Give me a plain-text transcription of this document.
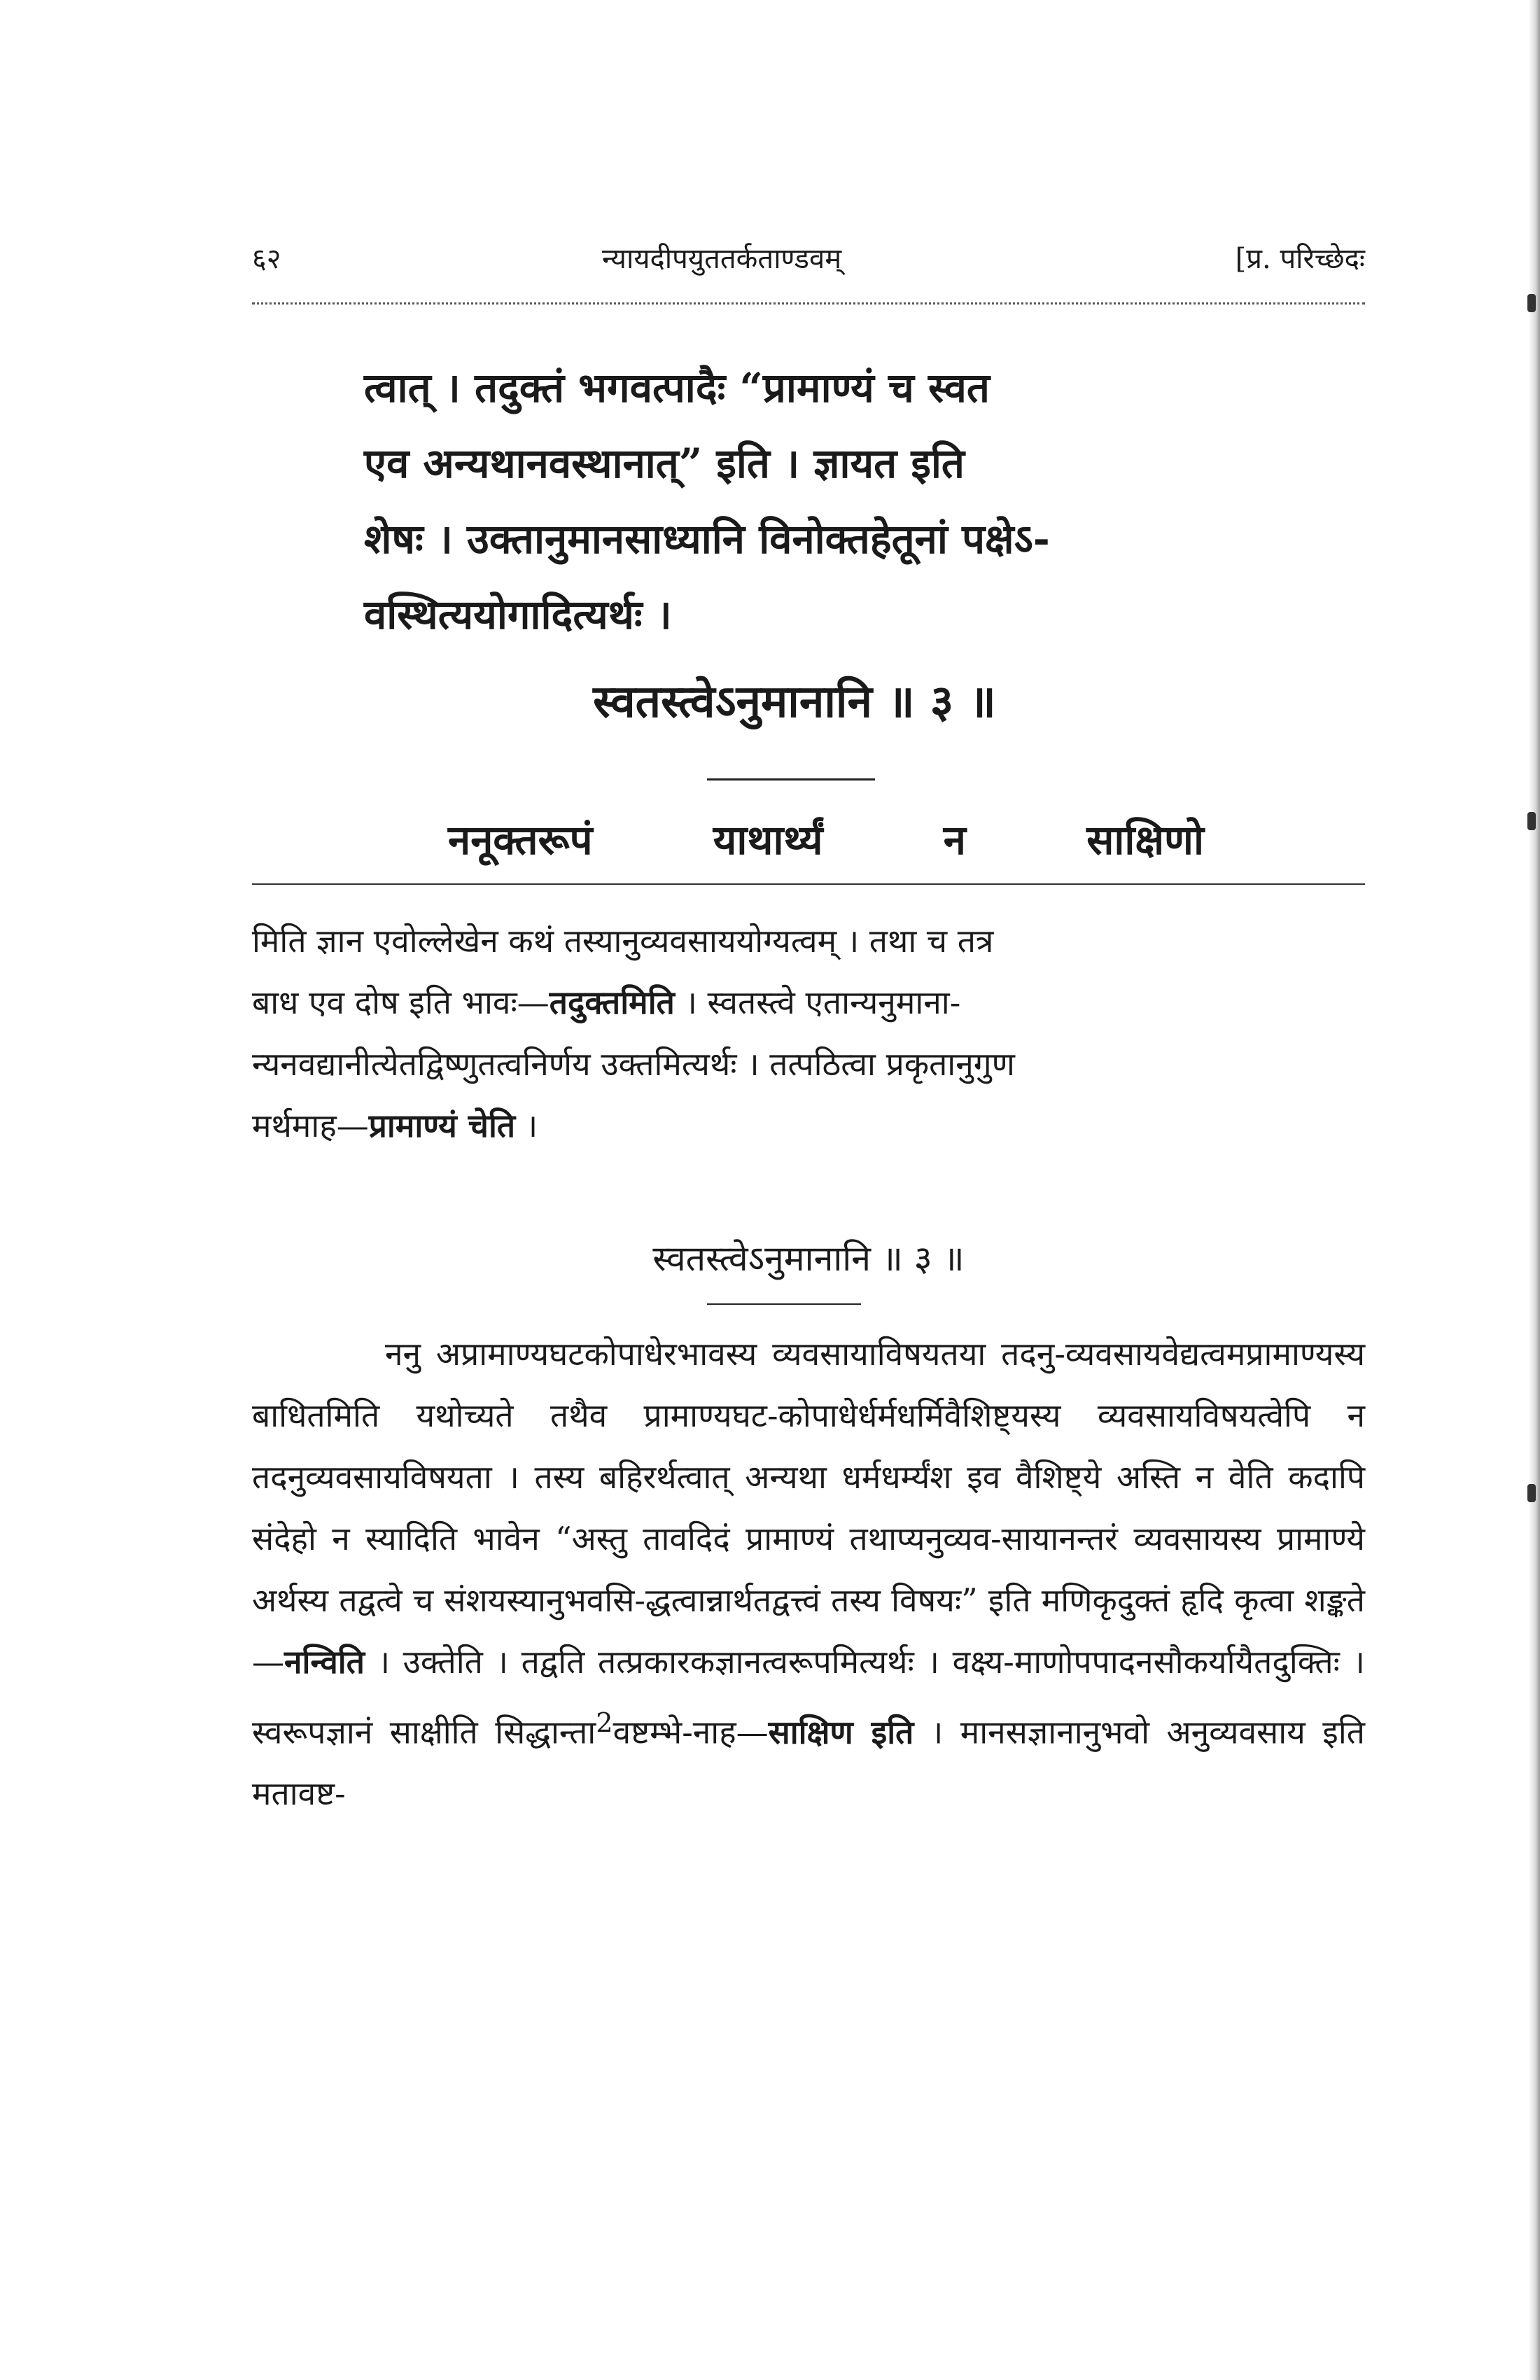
६२	न्यायदीपयुततर्कताण्डवम्	[प्र. परिच्छेदः
त्वात् । तदुक्तं भगवत्पादैः “प्रामाण्यं च स्वत
एव अन्यथानवस्थानात्” इति । ज्ञायत इति
शेषः । उक्तानुमानसाध्यानि विनोक्तहेतूनां पक्षेऽ-
वस्थित्ययोगादित्यर्थः ।
स्वतस्त्वेऽनुमानानि ॥ ३ ॥
ननूक्तरूपं	याथार्थ्यं	न	साक्षिणो
मिति ज्ञान एवोल्लेखेन कथं तस्यानुव्यवसाययोग्यत्वम् । तथा च तत्र
बाध एव दोष इति भावः—तदुक्तमिति । स्वतस्त्वे एतान्यनुमाना-
न्यनवद्यानीत्येतद्विष्णुतत्वनिर्णय उक्तमित्यर्थः । तत्पठित्वा प्रकृतानुगुण
मर्थमाह—प्रामाण्यं चेति ।
स्वतस्त्वेऽनुमानानि ॥ ३ ॥
ननु अप्रामाण्यघटकोपाधेरभावस्य व्यवसायाविषयतया तदनु-व्यवसायवेद्यत्वमप्रामाण्यस्य बाधितमिति यथोच्यते तथैव प्रामाण्यघट-कोपाधेर्धर्मधर्मिवैशिष्ट्यस्य व्यवसायविषयत्वेपि न तदनुव्यवसायविषयता । तस्य बहिरर्थत्वात् अन्यथा धर्मधर्म्यंश इव वैशिष्ट्ये अस्ति न वेति कदापि संदेहो न स्यादिति भावेन “अस्तु तावदिदं प्रामाण्यं तथाप्यनुव्यव-सायानन्तरं व्यवसायस्य प्रामाण्ये अर्थस्य तद्वत्वे च संशयस्यानुभवसि-द्धत्वान्नार्थतद्वत्त्वं तस्य विषयः” इति मणिकृदुक्तं हृदि कृत्वा शङ्कते—नन्विति । उक्तेति । तद्वति तत्प्रकारकज्ञानत्वरूपमित्यर्थः । वक्ष्य-माणोपपादनसौकर्यायैतदुक्तिः । स्वरूपज्ञानं साक्षीति सिद्धान्ता$^2$वष्टम्भे-नाह—साक्षिण इति । मानसज्ञानानुभवो अनुव्यवसाय इति मतावष्ट-
